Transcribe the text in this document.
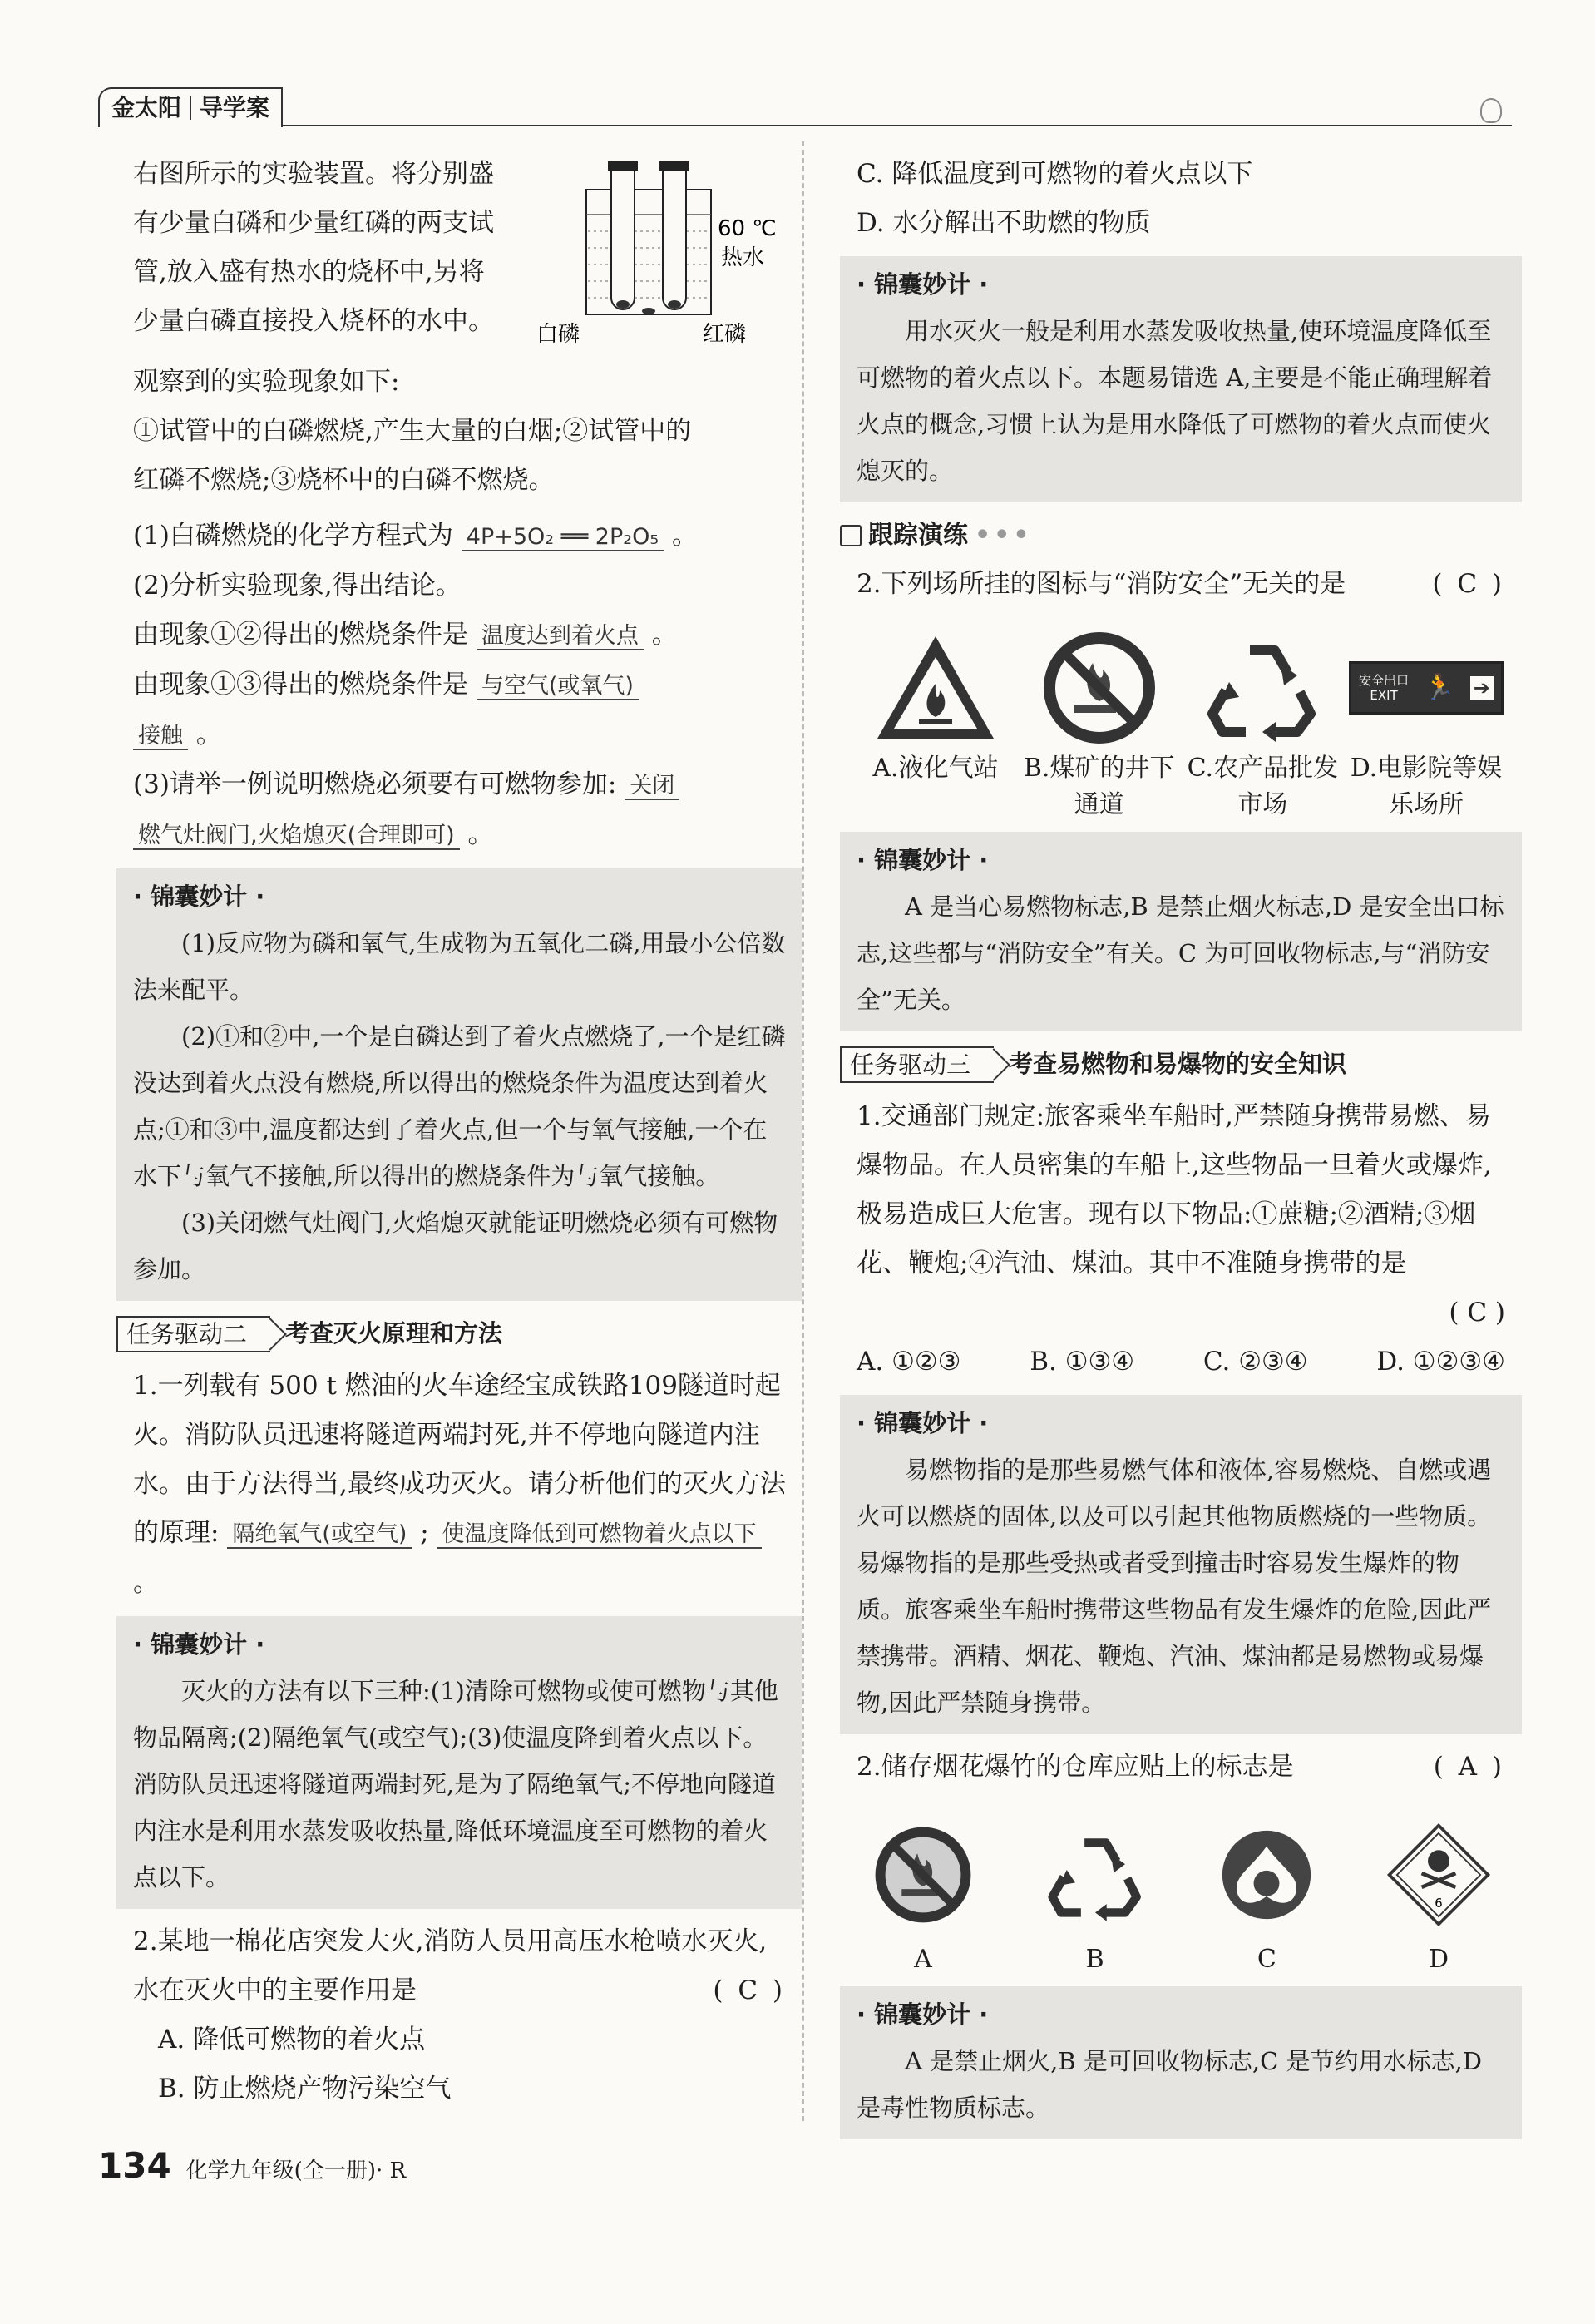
金太阳 导学案

右图所示的实验装置。将分别盛

有少量白磷和少量红磷的两支试

管,放入盛有热水的烧杯中,另将

少量白磷直接投入烧杯的水中。

60 ℃
热水
白磷	红磷

观察到的实验现象如下:

①试管中的白磷燃烧,产生大量的白烟;②试管中的

红磷不燃烧;③烧杯中的白磷不燃烧。

(1)白磷燃烧的化学方程式为 4P+5O₂ ══ 2P₂O₅ 。

(2)分析实验现象,得出结论。

由现象①②得出的燃烧条件是 温度达到着火点 。

由现象①③得出的燃烧条件是 与空气(或氧气)

接触 。

(3)请举一例说明燃烧必须要有可燃物参加: 关闭

燃气灶阀门,火焰熄灭(合理即可) 。

· 锦囊妙计 ·

(1)反应物为磷和氧气,生成物为五氧化二磷,用最小公倍数法来配平。

(2)①和②中,一个是白磷达到了着火点燃烧了,一个是红磷没达到着火点没有燃烧,所以得出的燃烧条件为温度达到着火点;①和③中,温度都达到了着火点,但一个与氧气接触,一个在水下与氧气不接触,所以得出的燃烧条件为与氧气接触。

(3)关闭燃气灶阀门,火焰熄灭就能证明燃烧必须有可燃物参加。

任务驱动二	考查灭火原理和方法

1.一列载有 500 t 燃油的火车途经宝成铁路109隧道时起火。消防队员迅速将隧道两端封死,并不停地向隧道内注水。由于方法得当,最终成功灭火。请分析他们的灭火方法的原理: 隔绝氧气(或空气) ; 使温度降低到可燃物着火点以下 。

· 锦囊妙计 ·

灭火的方法有以下三种:(1)清除可燃物或使可燃物与其他物品隔离;(2)隔绝氧气(或空气);(3)使温度降到着火点以下。消防队员迅速将隧道两端封死,是为了隔绝氧气;不停地向隧道内注水是利用水蒸发吸收热量,降低环境温度至可燃物的着火点以下。

2.某地一棉花店突发大火,消防人员用高压水枪喷水灭火,水在灭火中的主要作用是	( C )

A. 降低可燃物的着火点

B. 防止燃烧产物污染空气

C. 降低温度到可燃物的着火点以下

D. 水分解出不助燃的物质

· 锦囊妙计 ·

用水灭火一般是利用水蒸发吸收热量,使环境温度降低至可燃物的着火点以下。本题易错选 A,主要是不能正确理解着火点的概念,习惯上认为是用水降低了可燃物的着火点而使火熄灭的。

跟踪演练 •••

2.下列场所挂的图标与“消防安全”无关的是	( C )

A.液化气站	B.煤矿的井下通道
C.农产品批发市场
安全出口
EXIT	🏃 ➔
D.电影院等娱乐场所
· 锦囊妙计 ·

A 是当心易燃物标志,B 是禁止烟火标志,D 是安全出口标志,这些都与“消防安全”有关。C 为可回收物标志,与“消防安全”无关。

任务驱动三	考查易燃物和易爆物的安全知识

1.交通部门规定:旅客乘坐车船时,严禁随身携带易燃、易爆物品。在人员密集的车船上,这些物品一旦着火或爆炸,极易造成巨大危害。现有以下物品:①蔗糖;②酒精;③烟花、鞭炮;④汽油、煤油。其中不准随身携带的是

( C )

A. ①②③	B. ①③④	C. ②③④	D. ①②③④
· 锦囊妙计 ·

易燃物指的是那些易燃气体和液体,容易燃烧、自燃或遇火可以燃烧的固体,以及可以引起其他物质燃烧的一些物质。易爆物指的是那些受热或者受到撞击时容易发生爆炸的物质。旅客乘坐车船时携带这些物品有发生爆炸的危险,因此严禁携带。酒精、烟花、鞭炮、汽油、煤油都是易燃物或易爆物,因此严禁随身携带。

2.储存烟花爆竹的仓库应贴上的标志是	( A )

A	B	C
6
D
· 锦囊妙计 ·

A 是禁止烟火,B 是可回收物标志,C 是节约用水标志,D 是毒性物质标志。

134 化学九年级(全一册)· R
